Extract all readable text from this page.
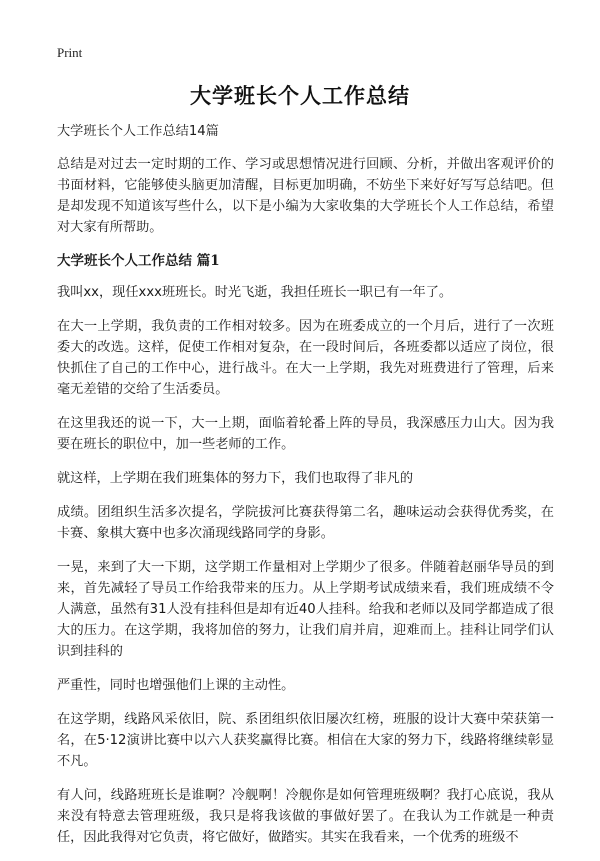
Print
大学班长个人工作总结

大学班长个人工作总结14篇

总结是对过去一定时期的工作、学习或思想情况进行回顾、分析，并做出客观评价的书面材料，它能够使头脑更加清醒，目标更加明确，不妨坐下来好好写写总结吧。但是却发现不知道该写些什么，以下是小编为大家收集的大学班长个人工作总结，希望对大家有所帮助。

大学班长个人工作总结 篇1

我叫xx，现任xxx班班长。时光飞逝，我担任班长一职已有一年了。

在大一上学期，我负责的工作相对较多。因为在班委成立的一个月后，进行了一次班委大的改选。这样，促使工作相对复杂，在一段时间后，各班委都以适应了岗位，很快抓住了自己的工作中心，进行战斗。在大一上学期，我先对班费进行了管理，后来毫无差错的交给了生活委员。

在这里我还的说一下，大一上期，面临着轮番上阵的导员，我深感压力山大。因为我要在班长的职位中，加一些老师的工作。

就这样，上学期在我们班集体的努力下，我们也取得了非凡的

成绩。团组织生活多次提名，学院拔河比赛获得第二名，趣味运动会获得优秀奖，在卡赛、象棋大赛中也多次涌现线路同学的身影。

一晃，来到了大一下期，这学期工作量相对上学期少了很多。伴随着赵丽华导员的到来，首先减轻了导员工作给我带来的压力。从上学期考试成绩来看，我们班成绩不令人满意，虽然有31人没有挂科但是却有近40人挂科。给我和老师以及同学都造成了很大的压力。在这学期，我将加倍的努力，让我们肩并肩，迎难而上。挂科让同学们认识到挂科的

严重性，同时也增强他们上课的主动性。

在这学期，线路风采依旧，院、系团组织依旧屡次红榜，班服的设计大赛中荣获第一名，在5·12演讲比赛中以六人获奖赢得比赛。相信在大家的努力下，线路将继续彰显不凡。

有人问，线路班班长是谁啊？冷舰啊！冷舰你是如何管理班级啊？我打心底说，我从来没有特意去管理班级，我只是将我该做的事做好罢了。在我认为工作就是一种责任，因此我得对它负责，将它做好，做踏实。其实在我看来，一个优秀的班级不
